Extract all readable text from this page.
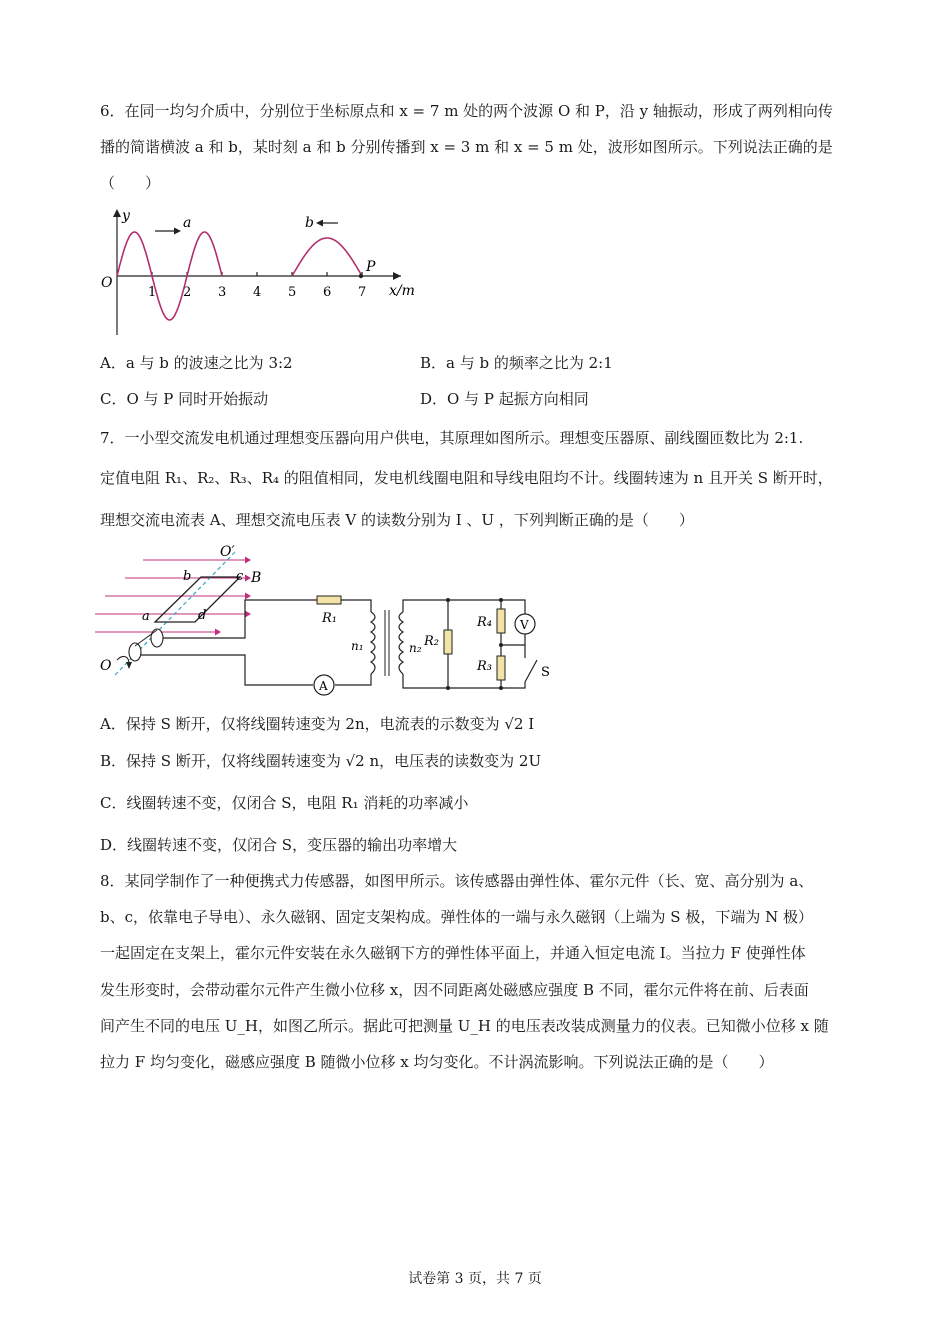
6．在同一均匀介质中，分别位于坐标原点和 x = 7 m 处的两个波源 O 和 P，沿 y 轴振动，形成了两列相向传
播的简谐横波 a 和 b，某时刻 a 和 b 分别传播到 x = 3 m 和 x = 5 m 处，波形如图所示。下列说法正确的是
（　　）
y
x/m
O
1 2 3 4 5 6 7
a	b
P
A．a 与 b 的波速之比为 3:2	B．a 与 b 的频率之比为 2:1
C．O 与 P 同时开始振动	D．O 与 P 起振方向相同
7．一小型交流发电机通过理想变压器向用户供电，其原理如图所示。理想变压器原、副线圈匝数比为 2:1.
定值电阻 R₁、R₂、R₃、R₄ 的阻值相同，发电机线圈电阻和导线电阻均不计。线圈转速为 n 且开关 S 断开时，
理想交流电流表 A、理想交流电压表 V 的读数分别为 I 、U ，下列判断正确的是（　　）
O′
O
a
b	c
d
B
R₁
A
n₁	n₂ R₂
R₄
R₃
V
S
A．保持 S 断开，仅将线圈转速变为 2n，电流表的示数变为 √2 I
B．保持 S 断开，仅将线圈转速变为 √2 n，电压表的读数变为 2U
C．线圈转速不变，仅闭合 S，电阻 R₁ 消耗的功率减小
D．线圈转速不变，仅闭合 S，变压器的输出功率增大
8．某同学制作了一种便携式力传感器，如图甲所示。该传感器由弹性体、霍尔元件（长、宽、高分别为 a、
b、c，依靠电子导电）、永久磁钢、固定支架构成。弹性体的一端与永久磁钢（上端为 S 极，下端为 N 极）
一起固定在支架上，霍尔元件安装在永久磁钢下方的弹性体平面上，并通入恒定电流 I。当拉力 F 使弹性体
发生形变时，会带动霍尔元件产生微小位移 x，因不同距离处磁感应强度 B 不同，霍尔元件将在前、后表面
间产生不同的电压 U_H，如图乙所示。据此可把测量 U_H 的电压表改装成测量力的仪表。已知微小位移 x 随
拉力 F 均匀变化，磁感应强度 B 随微小位移 x 均匀变化。不计涡流影响。下列说法正确的是（　　）
试卷第 3 页，共 7 页
